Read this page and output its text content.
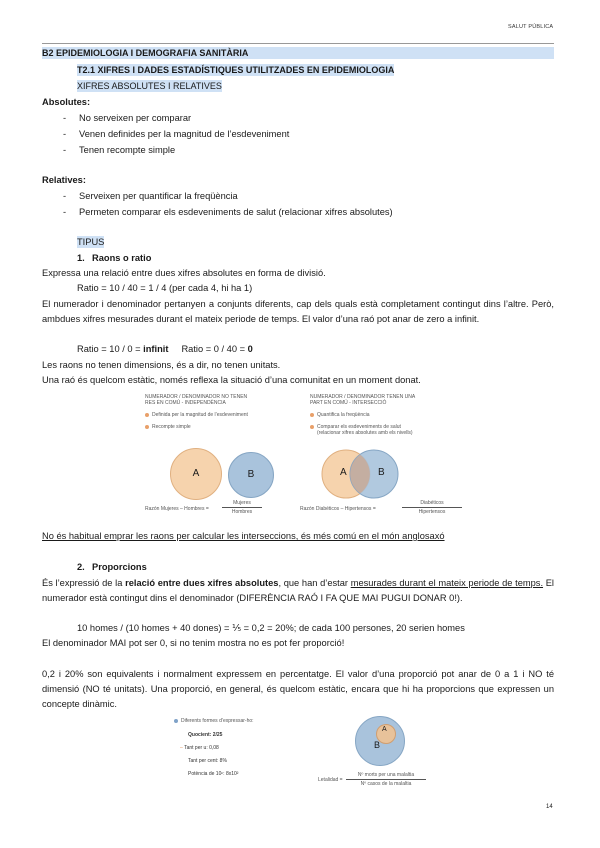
SALUT PÚBLICA
B2 EPIDEMIOLOGIA I DEMOGRAFIA SANITÀRIA
T2.1 XIFRES I DADES ESTADÍSTIQUES UTILITZADES EN EPIDEMIOLOGIA
XIFRES ABSOLUTES I RELATIVES
Absolutes:
- No serveixen per comparar
- Venen definides per la magnitud de l’esdeveniment
- Tenen recompte simple
Relatives:
- Serveixen per quantificar la freqüència
- Permeten comparar els esdeveniments de salut (relacionar xifres absolutes)
TIPUS
1. Raons o ratio
Expressa una relació entre dues xifres absolutes en forma de divisió.
Ratio = 10 / 40 = 1 / 4 (per cada 4, hi ha 1)
El numerador i denominador pertanyen a conjunts diferents, cap dels quals està completament contingut dins l’altre. Però, ambdues xifres mesurades durant el mateix periode de temps. El valor d’una raó pot anar de zero a infinit.
Ratio = 10 / 0 = infinit Ratio = 0 / 40 = 0
Les raons no tenen dimensions, és a dir, no tenen unitats.
Una raó és quelcom estàtic, només reflexa la situació d’una comunitat en un moment donat.
NUMERADOR / DENOMINADOR NO TENEN
RES EN COMÚ - INDEPENDÈNCIA
Definida per la magnitud de l’esdeveniment
Recompte simple
A	B
Razón Mujeres – Hombres =
Mujeres
Hombres
NUMERADOR / DENOMINADOR TENEN UNA
PART EN COMÚ - INTERSECCIÓ
Quantifica la freqüència
Comparar els esdeveniments de salut
(relacionar xifres absolutes amb els nivells)
A	B
Razón Diabéticos – Hipertensos =
Diabéticos
Hipertensos
No és habitual emprar les raons per calcular les interseccions, és més comú en el món anglosaxó
2. Proporcions
És l’expressió de la relació entre dues xifres absolutes, que han d’estar mesurades durant el mateix periode de temps. El numerador està contingut dins el denominador (DIFERÈNCIA RAÓ I FA QUE MAI PUGUI DONAR 0!).
10 homes / (10 homes + 40 dones) = ⅕ = 0,2 = 20%; de cada 100 persones, 20 serien homes
El denominador MAI pot ser 0, si no tenim mostra no es pot fer proporció!
0,2 i 20% son equivalents i normalment expressem en percentatge. El valor d’una proporció pot anar de 0 a 1 i NO té dimensió (NO té unitats). Una proporció, en general, és quelcom estàtic, encara que hi ha proporcions que expressen un concepte dinàmic.
Diferents formes d’expressar-ho:
Quocient: 2/25
– Tant per u: 0,08
Tant per cent: 8%
Potència de 10ⁿ: 8x10²
A
B
Letalidad =
Nº morts per una malaltia
Nº casos de la malaltia
14
